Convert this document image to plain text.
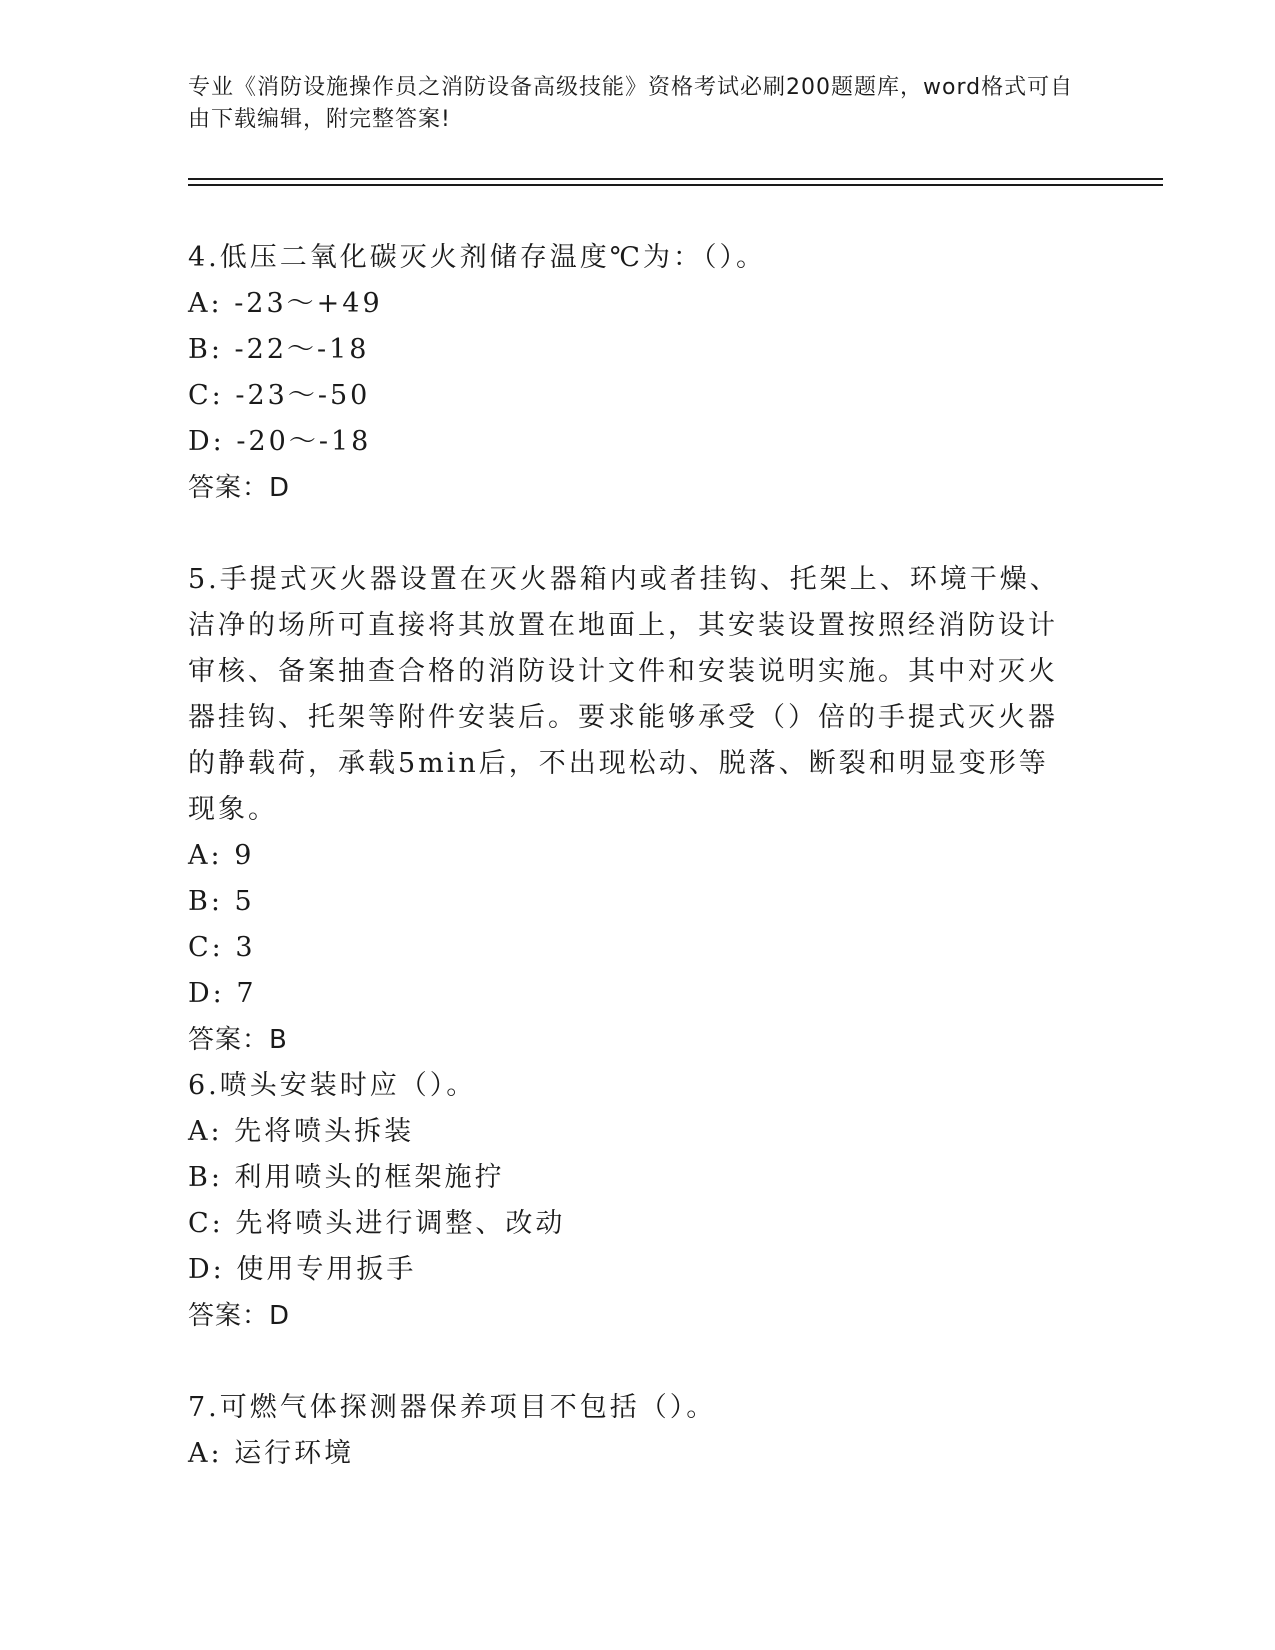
专业《消防设施操作员之消防设备高级技能》资格考试必刷200题题库，word格式可自由下载编辑，附完整答案!

4.低压二氧化碳灭火剂储存温度℃为：（）。

A: -23～+49

B: -22～-18

C: -23～-50

D: -20～-18

答案：D

5.手提式灭火器设置在灭火器箱内或者挂钩、托架上、环境干燥、洁净的场所可直接将其放置在地面上，其安装设置按照经消防设计审核、备案抽查合格的消防设计文件和安装说明实施。其中对灭火器挂钩、托架等附件安装后。要求能够承受（）倍的手提式灭火器的静载荷，承载5min后，不出现松动、脱落、断裂和明显变形等现象。

A: 9

B: 5

C: 3

D: 7

答案：B

6.喷头安装时应（）。

A: 先将喷头拆装

B: 利用喷头的框架施拧

C: 先将喷头进行调整、改动

D: 使用专用扳手

答案：D

7.可燃气体探测器保养项目不包括（）。

A: 运行环境
